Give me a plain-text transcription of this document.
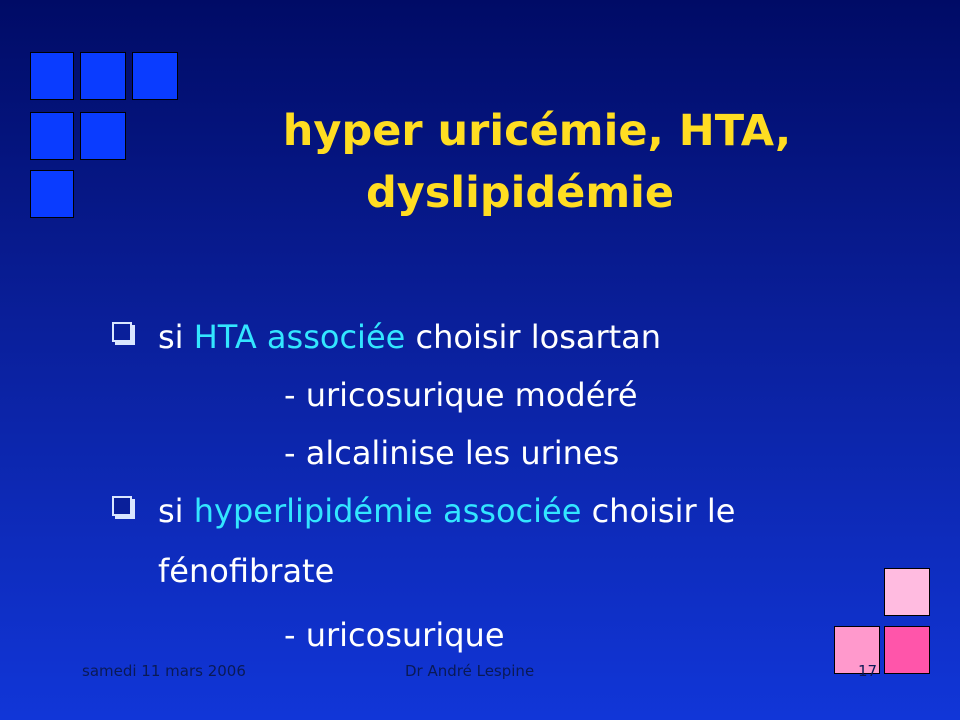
hyper uricémie, HTA,
dyslipidémie
si HTA associée choisir losartan
- uricosurique modéré
- alcalinise les urines
si hyperlipidémie associée choisir le
fénofibrate
- uricosurique
samedi 11 mars 2006	Dr André Lespine	17
